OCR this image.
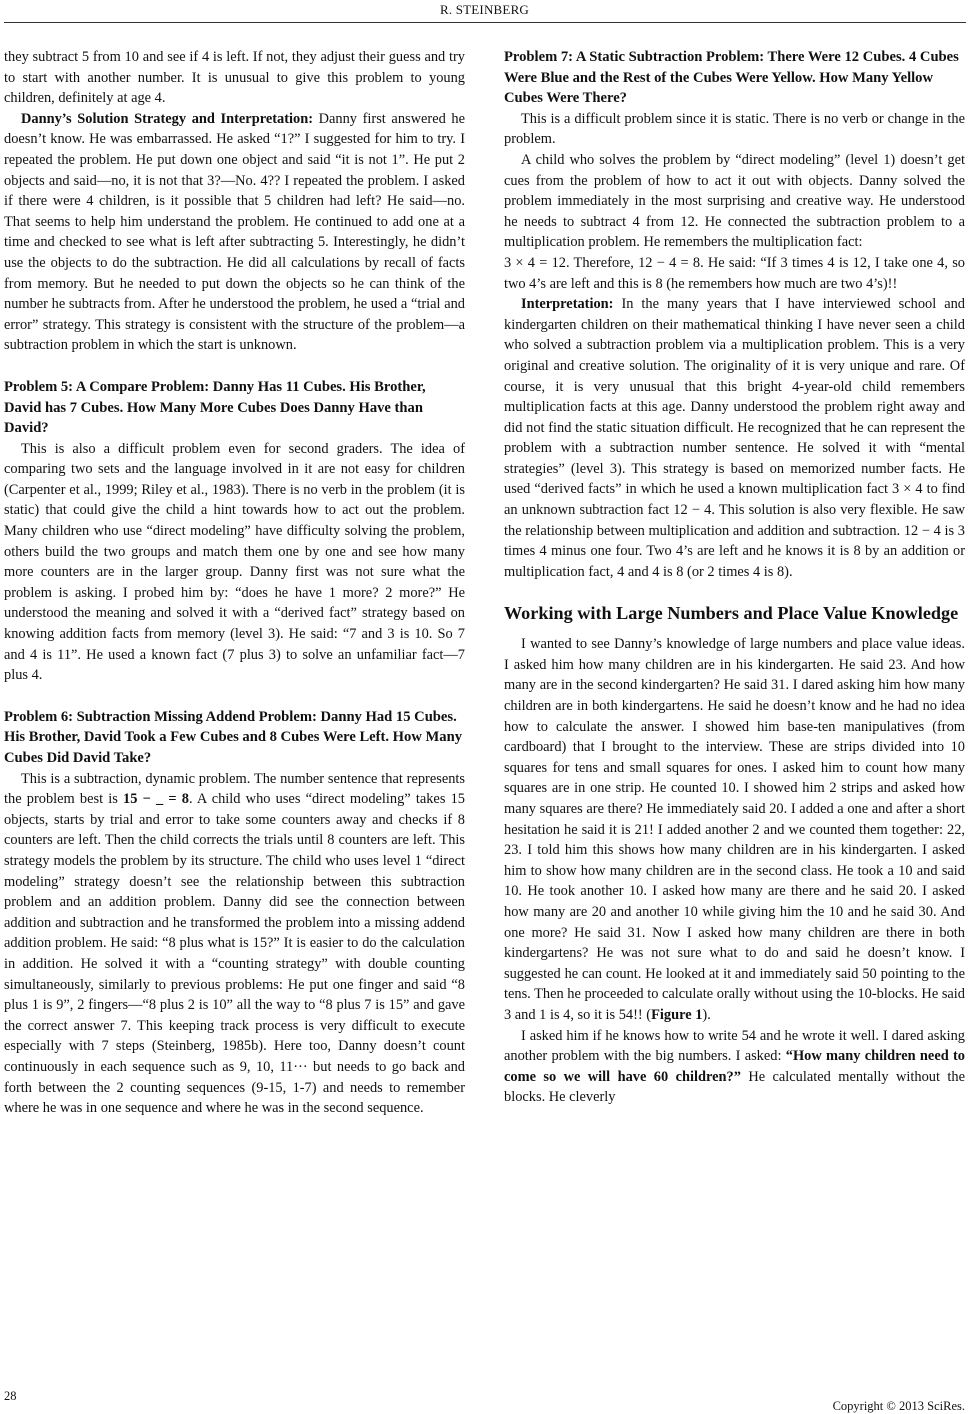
R. STEINBERG

they subtract 5 from 10 and see if 4 is left. If not, they adjust their guess and try to start with another number. It is unusual to give this problem to young children, definitely at age 4.

Danny’s Solution Strategy and Interpretation: Danny first answered he doesn’t know. He was embarrassed. He asked “1?” I suggested for him to try. I repeated the problem. He put down one object and said “it is not 1”. He put 2 objects and said—no, it is not that 3?—No. 4?? I repeated the problem. I asked if there were 4 children, is it possible that 5 children had left? He said—no. That seems to help him understand the problem. He continued to add one at a time and checked to see what is left after subtracting 5. Interestingly, he didn’t use the objects to do the subtraction. He did all calculations by recall of facts from memory. But he needed to put down the objects so he can think of the number he subtracts from. After he understood the problem, he used a “trial and error” strategy. This strategy is consistent with the structure of the problem—a subtraction problem in which the start is unknown.

Problem 5: A Compare Problem: Danny Has 11 Cubes. His Brother, David has 7 Cubes. How Many More Cubes Does Danny Have than David?

This is also a difficult problem even for second graders. The idea of comparing two sets and the language involved in it are not easy for children (Carpenter et al., 1999; Riley et al., 1983). There is no verb in the problem (it is static) that could give the child a hint towards how to act out the problem. Many children who use “direct modeling” have difficulty solving the problem, others build the two groups and match them one by one and see how many more counters are in the larger group. Danny first was not sure what the problem is asking. I probed him by: “does he have 1 more? 2 more?” He understood the meaning and solved it with a “derived fact” strategy based on knowing addition facts from memory (level 3). He said: “7 and 3 is 10. So 7 and 4 is 11”. He used a known fact (7 plus 3) to solve an unfamiliar fact—7 plus 4.

Problem 6: Subtraction Missing Addend Problem: Danny Had 15 Cubes. His Brother, David Took a Few Cubes and 8 Cubes Were Left. How Many Cubes Did David Take?

This is a subtraction, dynamic problem. The number sentence that represents the problem best is 15 − _ = 8. A child who uses “direct modeling” takes 15 objects, starts by trial and error to take some counters away and checks if 8 counters are left. Then the child corrects the trials until 8 counters are left. This strategy models the problem by its structure. The child who uses level 1 “direct modeling” strategy doesn’t see the relationship between this subtraction problem and an addition problem. Danny did see the connection between addition and subtraction and he transformed the problem into a missing addend addition problem. He said: “8 plus what is 15?” It is easier to do the calculation in addition. He solved it with a “counting strategy” with double counting simultaneously, similarly to previous problems: He put one finger and said “8 plus 1 is 9”, 2 fingers—“8 plus 2 is 10” all the way to “8 plus 7 is 15” and gave the correct answer 7. This keeping track process is very difficult to execute especially with 7 steps (Steinberg, 1985b). Here too, Danny doesn’t count continuously in each sequence such as 9, 10, 11··· but needs to go back and forth between the 2 counting sequences (9-15, 1-7) and needs to remember where he was in one sequence and where he was in the second sequence.

Problem 7: A Static Subtraction Problem: There Were 12 Cubes. 4 Cubes Were Blue and the Rest of the Cubes Were Yellow. How Many Yellow Cubes Were There?

This is a difficult problem since it is static. There is no verb or change in the problem.

A child who solves the problem by “direct modeling” (level 1) doesn’t get cues from the problem of how to act it out with objects. Danny solved the problem immediately in the most surprising and creative way. He understood he needs to subtract 4 from 12. He connected the subtraction problem to a multiplication problem. He remembers the multiplication fact:

3 × 4 = 12. Therefore, 12 − 4 = 8. He said: “If 3 times 4 is 12, I take one 4, so two 4’s are left and this is 8 (he remembers how much are two 4’s)!!

Interpretation: In the many years that I have interviewed school and kindergarten children on their mathematical thinking I have never seen a child who solved a subtraction problem via a multiplication problem. This is a very original and creative solution. The originality of it is very unique and rare. Of course, it is very unusual that this bright 4-year-old child remembers multiplication facts at this age. Danny understood the problem right away and did not find the static situation difficult. He recognized that he can represent the problem with a subtraction number sentence. He solved it with “mental strategies” (level 3). This strategy is based on memorized number facts. He used “derived facts” in which he used a known multiplication fact 3 × 4 to find an unknown subtraction fact 12 − 4. This solution is also very flexible. He saw the relationship between multiplication and addition and subtraction. 12 − 4 is 3 times 4 minus one four. Two 4’s are left and he knows it is 8 by an addition or multiplication fact, 4 and 4 is 8 (or 2 times 4 is 8).

Working with Large Numbers and Place Value Knowledge

I wanted to see Danny’s knowledge of large numbers and place value ideas. I asked him how many children are in his kindergarten. He said 23. And how many are in the second kindergarten? He said 31. I dared asking him how many children are in both kindergartens. He said he doesn’t know and he had no idea how to calculate the answer. I showed him base-ten manipulatives (from cardboard) that I brought to the interview. These are strips divided into 10 squares for tens and small squares for ones. I asked him to count how many squares are in one strip. He counted 10. I showed him 2 strips and asked how many squares are there? He immediately said 20. I added a one and after a short hesitation he said it is 21! I added another 2 and we counted them together: 22, 23. I told him this shows how many children are in his kindergarten. I asked him to show how many children are in the second class. He took a 10 and said 10. He took another 10. I asked how many are there and he said 20. I asked how many are 20 and another 10 while giving him the 10 and he said 30. And one more? He said 31. Now I asked how many children are there in both kindergartens? He was not sure what to do and said he doesn’t know. I suggested he can count. He looked at it and immediately said 50 pointing to the tens. Then he proceeded to calculate orally without using the 10-blocks. He said 3 and 1 is 4, so it is 54!! (Figure 1).

I asked him if he knows how to write 54 and he wrote it well. I dared asking another problem with the big numbers. I asked: “How many children need to come so we will have 60 children?” He calculated mentally without the blocks. He cleverly

28
Copyright © 2013 SciRes.
